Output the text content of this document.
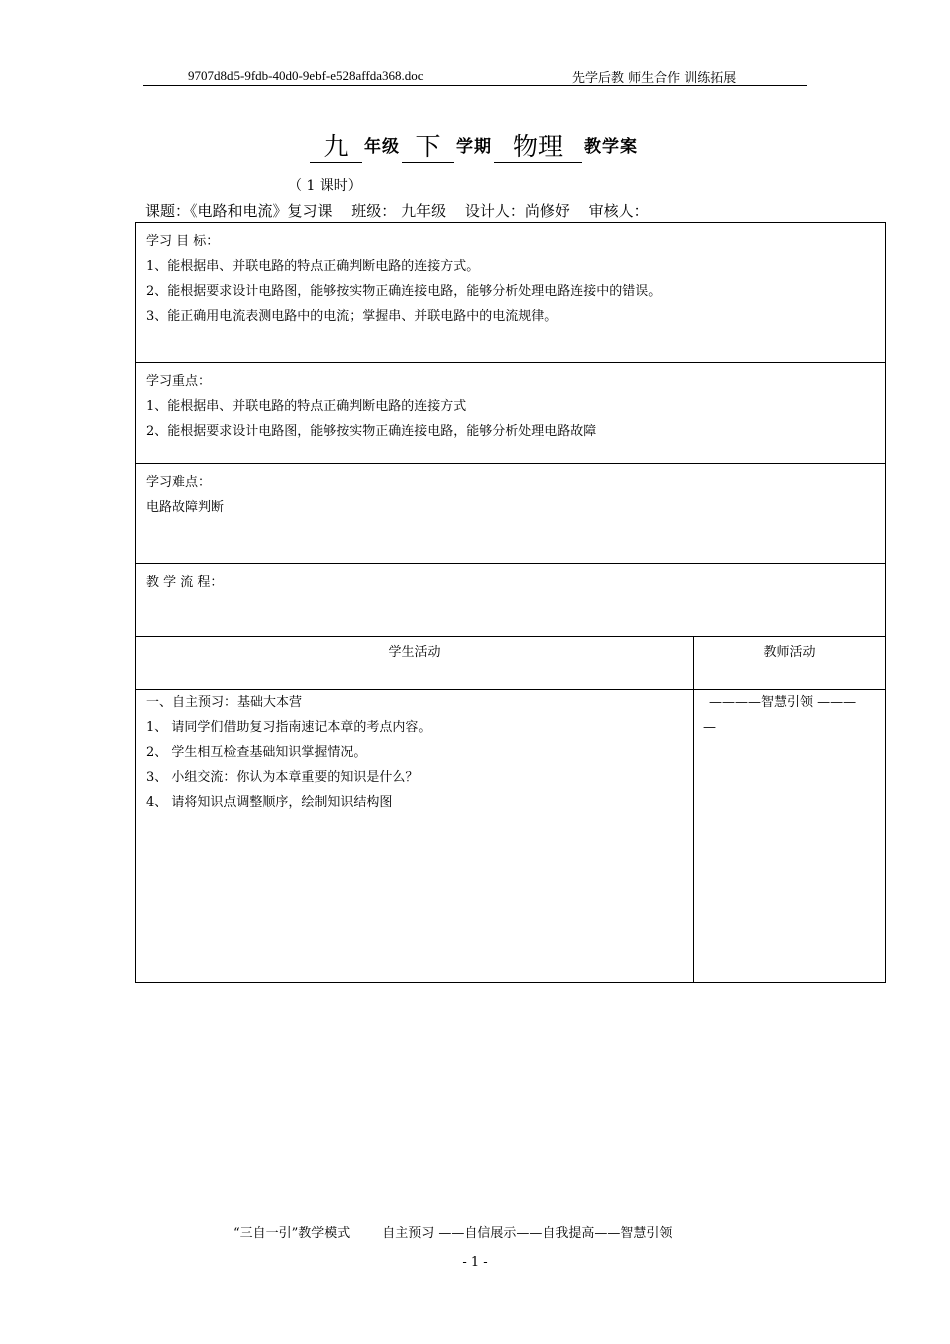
9707d8d5-9fdb-40d0-9ebf-e528affda368.doc	先学后教 师生合作 训练拓展
九 年级 下 学期 物理 教学案
（ 1 课时）
课题：《电路和电流》复习课 班级： 九年级 设计人：尚修妤 审核人：
学习 目 标：
1、能根据串、并联电路的特点正确判断电路的连接方式。
2、能根据要求设计电路图，能够按实物正确连接电路，能够分析处理电路连接中的错误。
3、能正确用电流表测电路中的电流；掌握串、并联电路中的电流规律。
学习重点：
1、能根据串、并联电路的特点正确判断电路的连接方式
2、能根据要求设计电路图，能够按实物正确连接电路，能够分析处理电路故障
学习难点：
电路故障判断
教 学 流 程：
学生活动	教师活动
一、自主预习：基础大本营
1、 请同学们借助复习指南速记本章的考点内容。
2、 学生相互检查基础知识掌握情况。
3、 小组交流：你认为本章重要的知识是什么？
4、 请将知识点调整顺序，绘制知识结构图
————智慧引领 ———
—
“三自一引”教学模式 自主预习 ——自信展示——自我提高——智慧引领
- 1 -
